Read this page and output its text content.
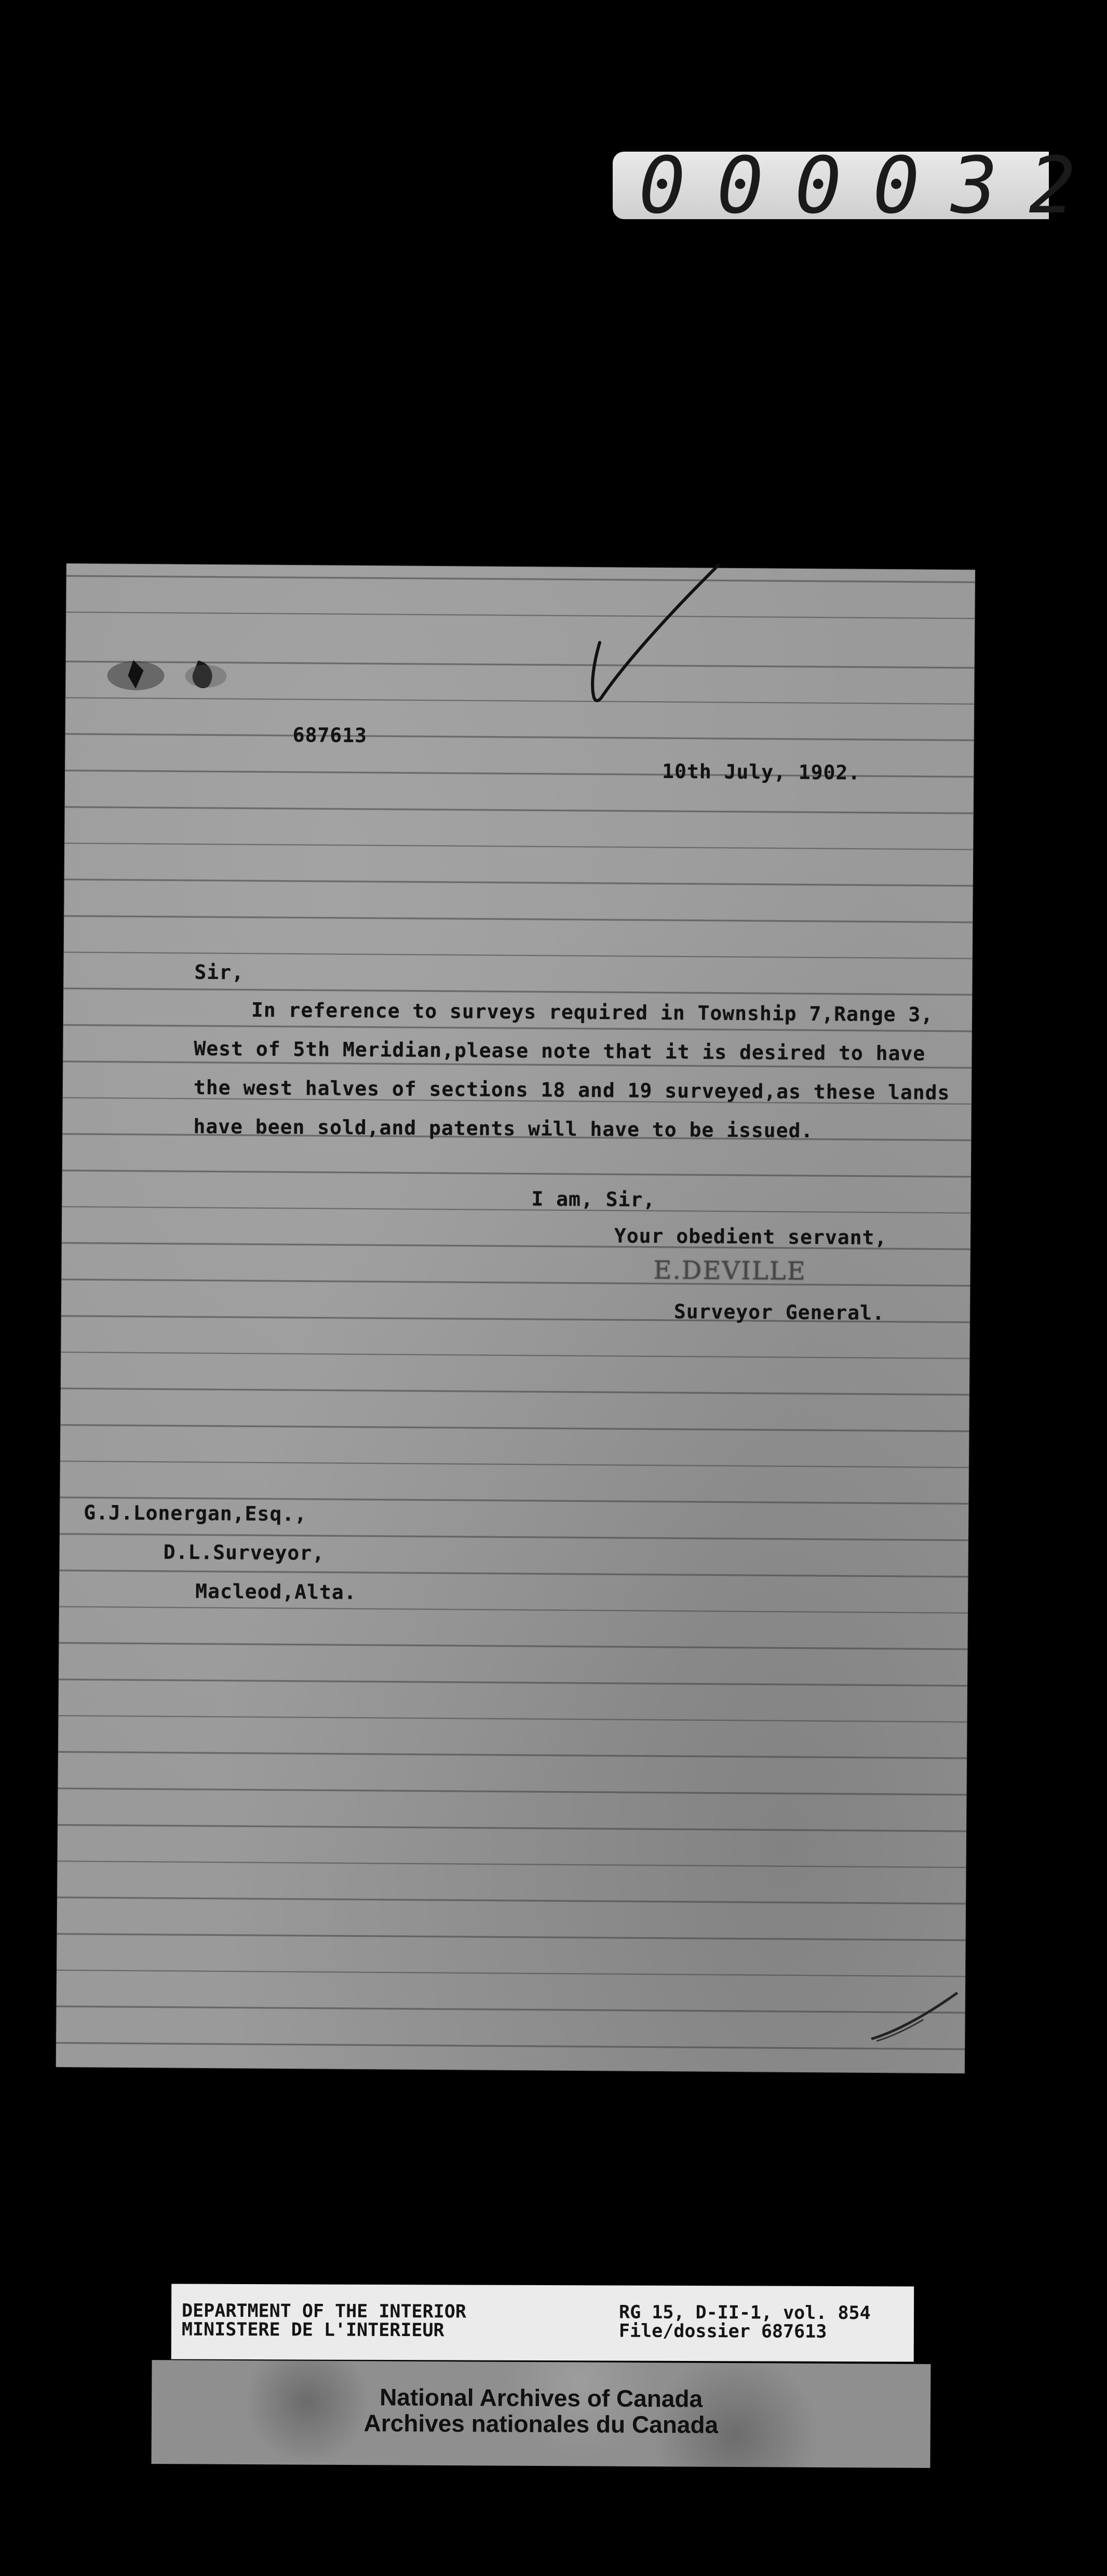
000032
687613
10th July, 1902.
Sir,
In reference to surveys required in Township 7,Range 3,
West of 5th Meridian,please note that it is desired to have
the west halves of sections 18 and 19 surveyed,as these lands
have been sold,and patents will have to be issued.
I am, Sir,
Your obedient servant,
E.DEVILLE
Surveyor General.
G.J.Lonergan,Esq.,
D.L.Surveyor,
Macleod,Alta.
DEPARTMENT OF THE INTERIOR
MINISTERE DE L'INTERIEUR
RG 15, D-II-1, vol. 854
File/dossier 687613
National Archives of Canada
Archives nationales du Canada
